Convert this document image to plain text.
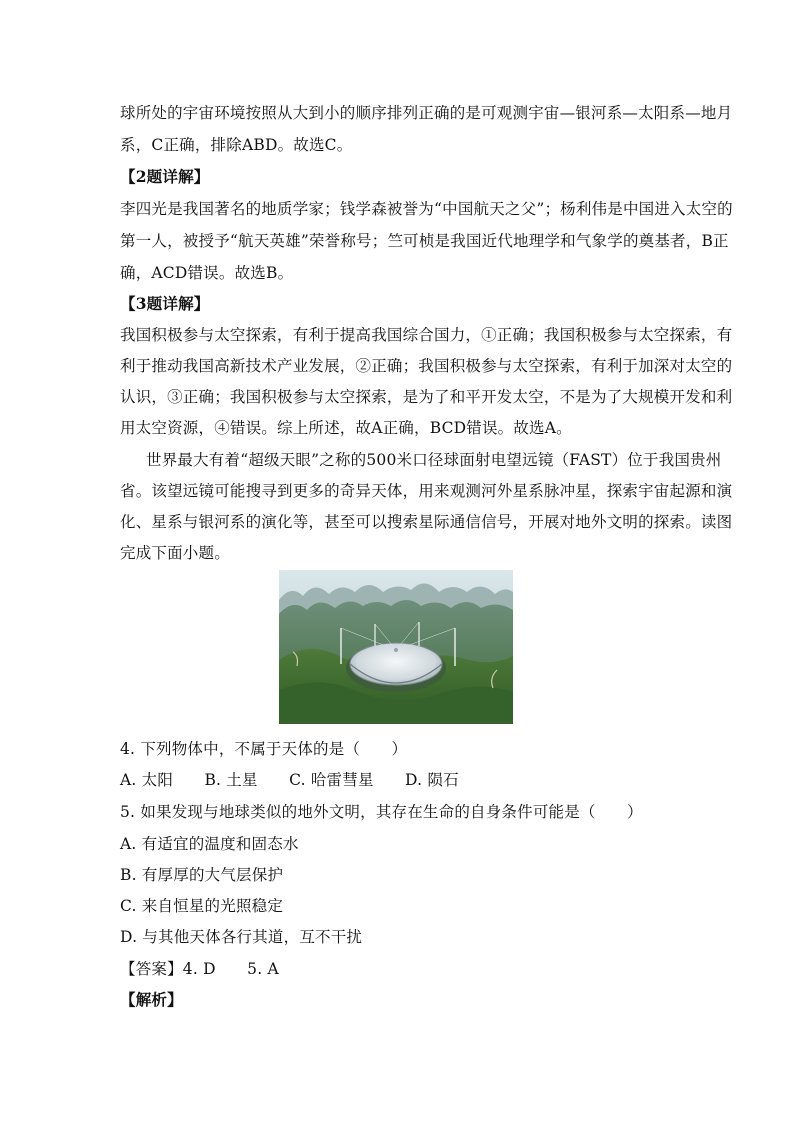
球所处的宇宙环境按照从大到小的顺序排列正确的是可观测宇宙—银河系—太阳系—地月
系，C正确，排除ABD。故选C。
【2题详解】
李四光是我国著名的地质学家；钱学森被誉为“中国航天之父”；杨利伟是中国进入太空的
第一人，被授予“航天英雄”荣誉称号；竺可桢是我国近代地理学和气象学的奠基者，B正
确，ACD错误。故选B。
【3题详解】
我国积极参与太空探索，有利于提高我国综合国力，①正确；我国积极参与太空探索，有
利于推动我国高新技术产业发展，②正确；我国积极参与太空探索，有利于加深对太空的
认识，③正确；我国积极参与太空探索，是为了和平开发太空，不是为了大规模开发和利
用太空资源，④错误。综上所述，故A正确，BCD错误。故选A。
世界最大有着“超级天眼”之称的500米口径球面射电望远镜（FAST）位于我国贵州
省。该望远镜可能搜寻到更多的奇异天体，用来观测河外星系脉冲星，探索宇宙起源和演
化、星系与银河系的演化等，甚至可以搜索星际通信信号，开展对地外文明的探索。读图
完成下面小题。
4. 下列物体中，不属于天体的是（　　）
A. 太阳　　B. 土星　　C. 哈雷彗星　　D. 陨石
5. 如果发现与地球类似的地外文明，其存在生命的自身条件可能是（　　）
A. 有适宜的温度和固态水
B. 有厚厚的大气层保护
C. 来自恒星的光照稳定
D. 与其他天体各行其道，互不干扰
【答案】4. D　　5. A
【解析】
